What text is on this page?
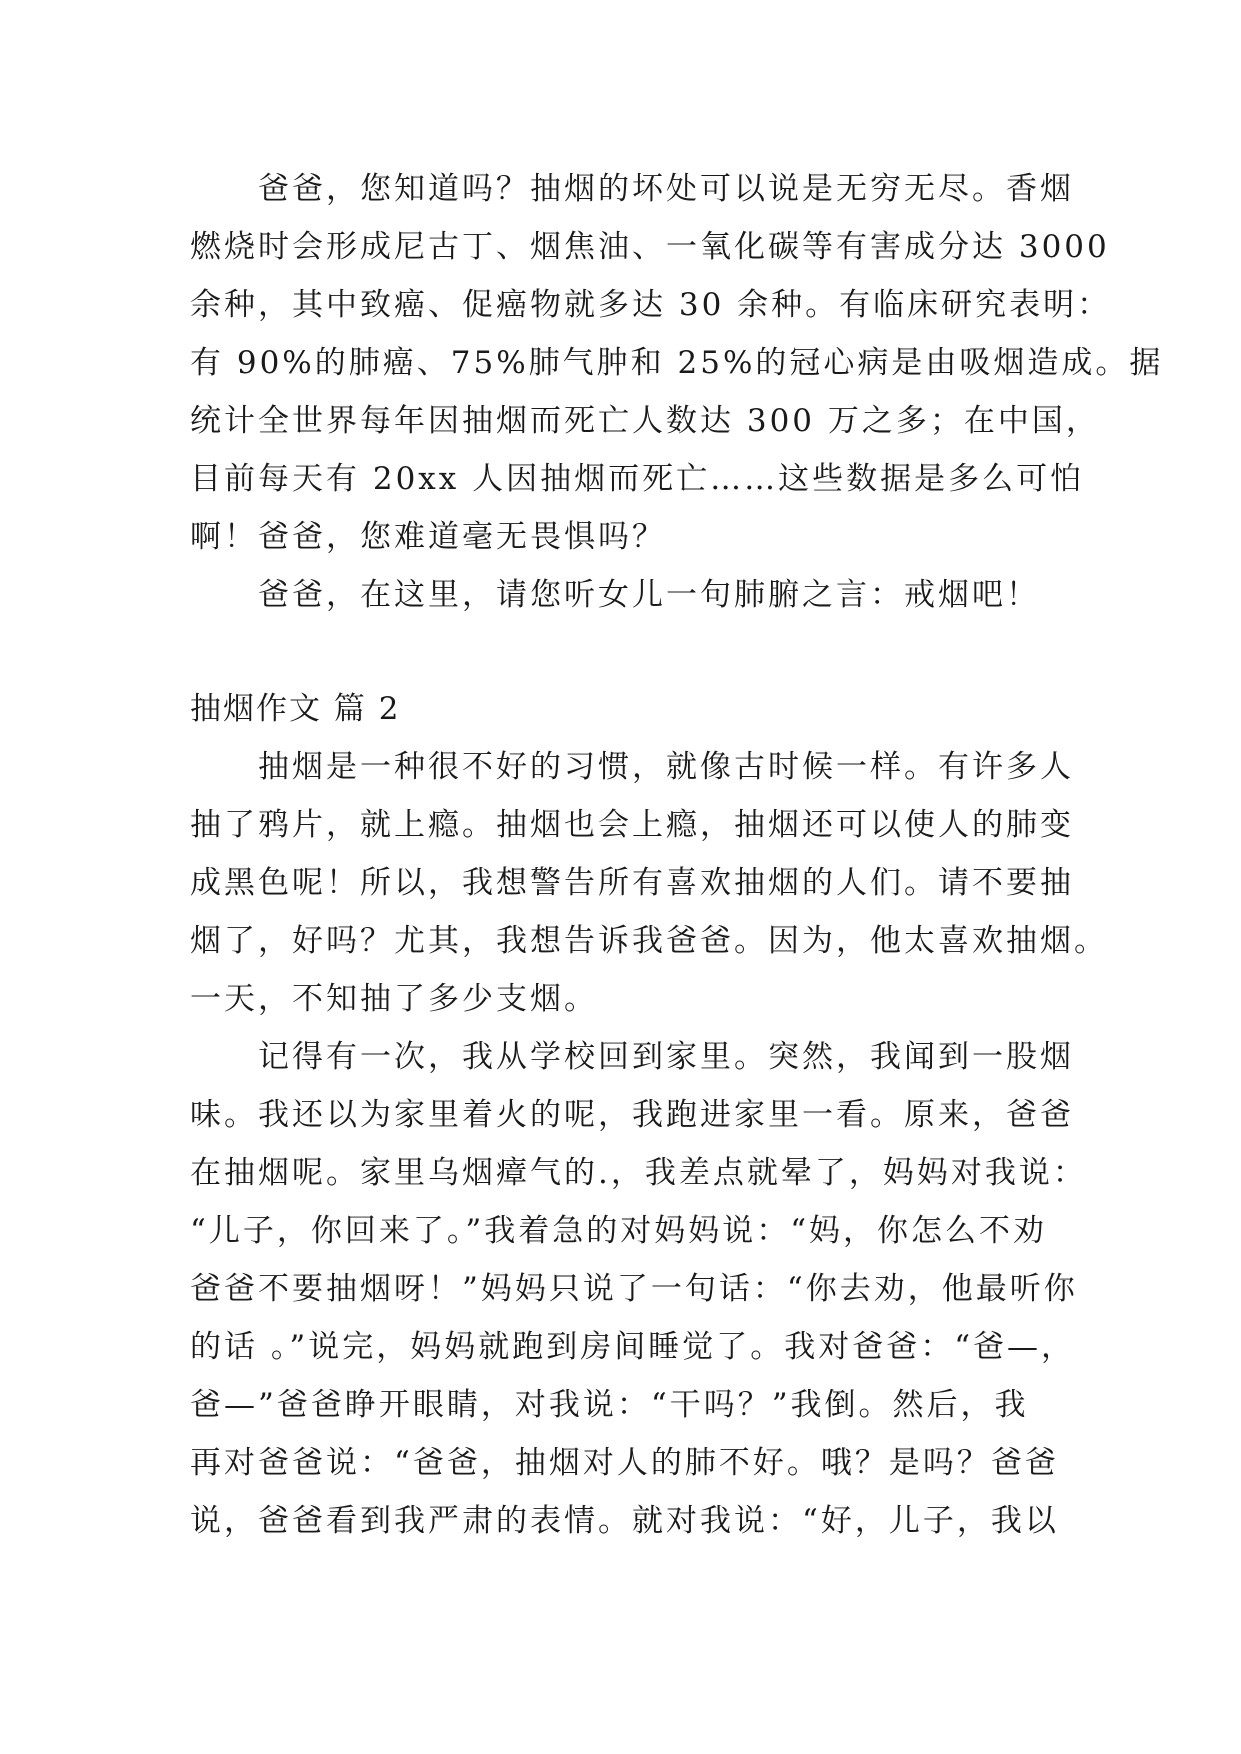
　　爸爸，您知道吗？抽烟的坏处可以说是无穷无尽。香烟
燃烧时会形成尼古丁、烟焦油、一氧化碳等有害成分达 3000
余种，其中致癌、促癌物就多达 30 余种。有临床研究表明：
有 90%的肺癌、75%肺气肿和 25%的冠心病是由吸烟造成。据
统计全世界每年因抽烟而死亡人数达 300 万之多；在中国，
目前每天有 20xx 人因抽烟而死亡……这些数据是多么可怕
啊！爸爸，您难道毫无畏惧吗？
　　爸爸，在这里，请您听女儿一句肺腑之言：戒烟吧！
抽烟作文 篇 2
　　抽烟是一种很不好的习惯，就像古时候一样。有许多人
抽了鸦片，就上瘾。抽烟也会上瘾，抽烟还可以使人的肺变
成黑色呢！所以，我想警告所有喜欢抽烟的人们。请不要抽
烟了，好吗？尤其，我想告诉我爸爸。因为，他太喜欢抽烟。
一天，不知抽了多少支烟。
　　记得有一次，我从学校回到家里。突然，我闻到一股烟
味。我还以为家里着火的呢，我跑进家里一看。原来，爸爸
在抽烟呢。家里乌烟瘴气的.，我差点就晕了，妈妈对我说：
“儿子，你回来了。”我着急的对妈妈说：“妈，你怎么不劝
爸爸不要抽烟呀！”妈妈只说了一句话：“你去劝，他最听你
的话 。”说完，妈妈就跑到房间睡觉了。我对爸爸：“爸—，
爸—”爸爸睁开眼睛，对我说：“干吗？”我倒。然后，我
再对爸爸说：“爸爸，抽烟对人的肺不好。哦？是吗？爸爸
说，爸爸看到我严肃的表情。就对我说：“好，儿子，我以
